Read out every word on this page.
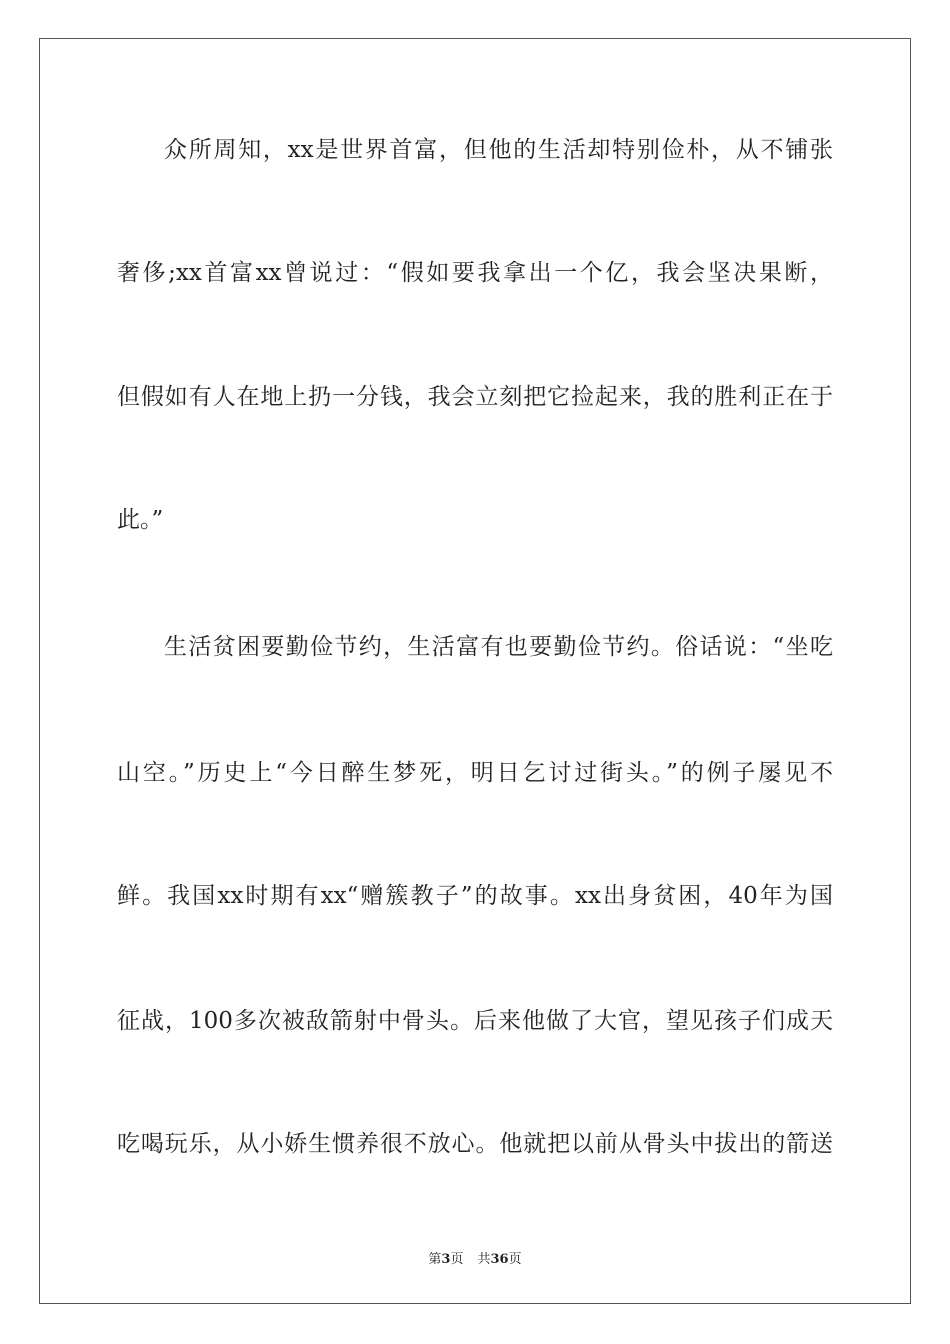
众所周知，xx是世界首富，但他的生活却特别俭朴，从不铺张
奢侈;xx首富xx曾说过：“假如要我拿出一个亿，我会坚决果断，
但假如有人在地上扔一分钱，我会立刻把它捡起来，我的胜利正在于
此。”
生活贫困要勤俭节约，生活富有也要勤俭节约。俗话说：“坐吃
山空。”历史上“今日醉生梦死，明日乞讨过街头。”的例子屡见不
鲜。我国xx时期有xx“赠簇教子”的故事。xx出身贫困，40年为国
征战，100多次被敌箭射中骨头。后来他做了大官，望见孩子们成天
吃喝玩乐，从小娇生惯养很不放心。他就把以前从骨头中拔出的箭送
第3页 共36页
